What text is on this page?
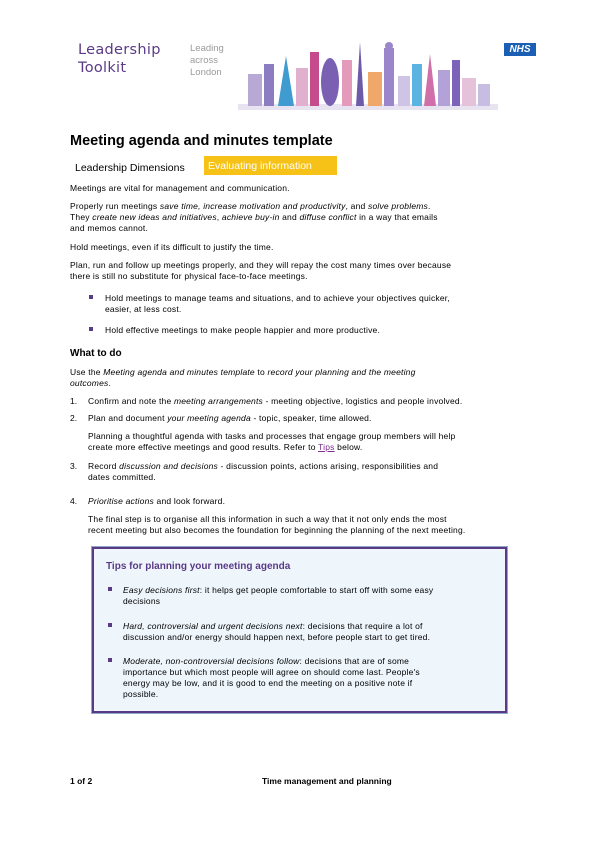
Leadership
Toolkit
Leading
across
London
NHS
Meeting agenda and minutes template
Leadership Dimensions	Evaluating information
Meetings are vital for management and communication.
Properly run meetings save time, increase motivation and productivity, and solve problems.
They create new ideas and initiatives, achieve buy-in and diffuse conflict in a way that emails
and memos cannot.
Hold meetings, even if its difficult to justify the time.
Plan, run and follow up meetings properly, and they will repay the cost many times over because
there is still no substitute for physical face-to-face meetings.
Hold meetings to manage teams and situations, and to achieve your objectives quicker,
easier, at less cost.
Hold effective meetings to make people happier and more productive.
What to do
Use the Meeting agenda and minutes template to record your planning and the meeting
outcomes.
1. Confirm and note the meeting arrangements - meeting objective, logistics and people involved.
2. Plan and document your meeting agenda - topic, speaker, time allowed.
Planning a thoughtful agenda with tasks and processes that engage group members will help
create more effective meetings and good results. Refer to Tips below.
3. Record discussion and decisions - discussion points, actions arising, responsibilities and
dates committed.
4. Prioritise actions and look forward.
The final step is to organise all this information in such a way that it not only ends the most
recent meeting but also becomes the foundation for beginning the planning of the next meeting.
Tips for planning your meeting agenda
Easy decisions first: it helps get people comfortable to start off with some easy
decisions
Hard, controversial and urgent decisions next: decisions that require a lot of
discussion and/or energy should happen next, before people start to get tired.
Moderate, non-controversial decisions follow: decisions that are of some
importance but which most people will agree on should come last. People's
energy may be low, and it is good to end the meeting on a positive note if
possible.
1 of 2	Time management and planning
